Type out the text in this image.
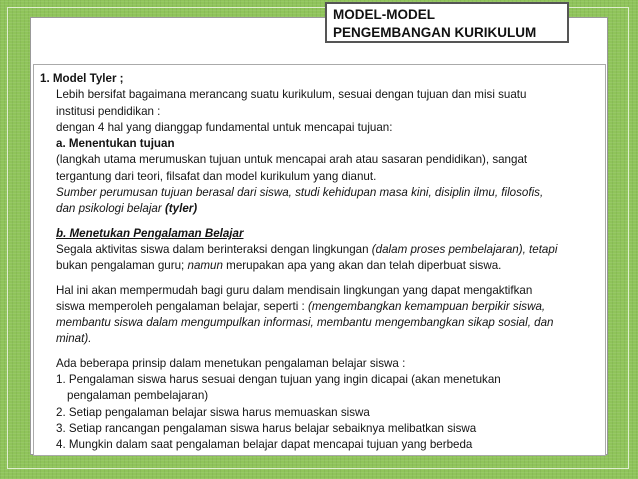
MODEL-MODEL
PENGEMBANGAN KURIKULUM
1. Model Tyler ;
Lebih bersifat bagaimana merancang suatu kurikulum, sesuai dengan tujuan dan misi suatu
institusi pendidikan :
dengan 4 hal yang dianggap fundamental untuk mencapai tujuan:
a. Menentukan tujuan
(langkah utama merumuskan tujuan untuk mencapai arah atau sasaran pendidikan), sangat
tergantung dari teori, filsafat dan model kurikulum yang dianut.
Sumber perumusan tujuan berasal dari siswa, studi kehidupan masa kini, disiplin ilmu, filosofis,
dan psikologi belajar (tyler)
b. Menetukan Pengalaman Belajar
Segala aktivitas siswa dalam berinteraksi dengan lingkungan (dalam proses pembelajaran), tetapi
bukan pengalaman guru; namun merupakan apa yang akan dan telah diperbuat siswa.
Hal ini akan mempermudah bagi guru dalam mendisain lingkungan yang dapat mengaktifkan
siswa memperoleh pengalaman belajar, seperti : (mengembangkan kemampuan berpikir siswa,
membantu siswa dalam mengumpulkan informasi, membantu mengembangkan sikap sosial, dan
minat).
Ada beberapa prinsip dalam menetukan pengalaman belajar siswa :
1. Pengalaman siswa harus sesuai dengan tujuan yang ingin dicapai (akan menetukan
pengalaman pembelajaran)
2. Setiap pengalaman belajar siswa harus memuaskan siswa
3. Setiap rancangan pengalaman siswa harus belajar sebaiknya melibatkan siswa
4. Mungkin dalam saat pengalaman belajar dapat mencapai tujuan yang berbeda
